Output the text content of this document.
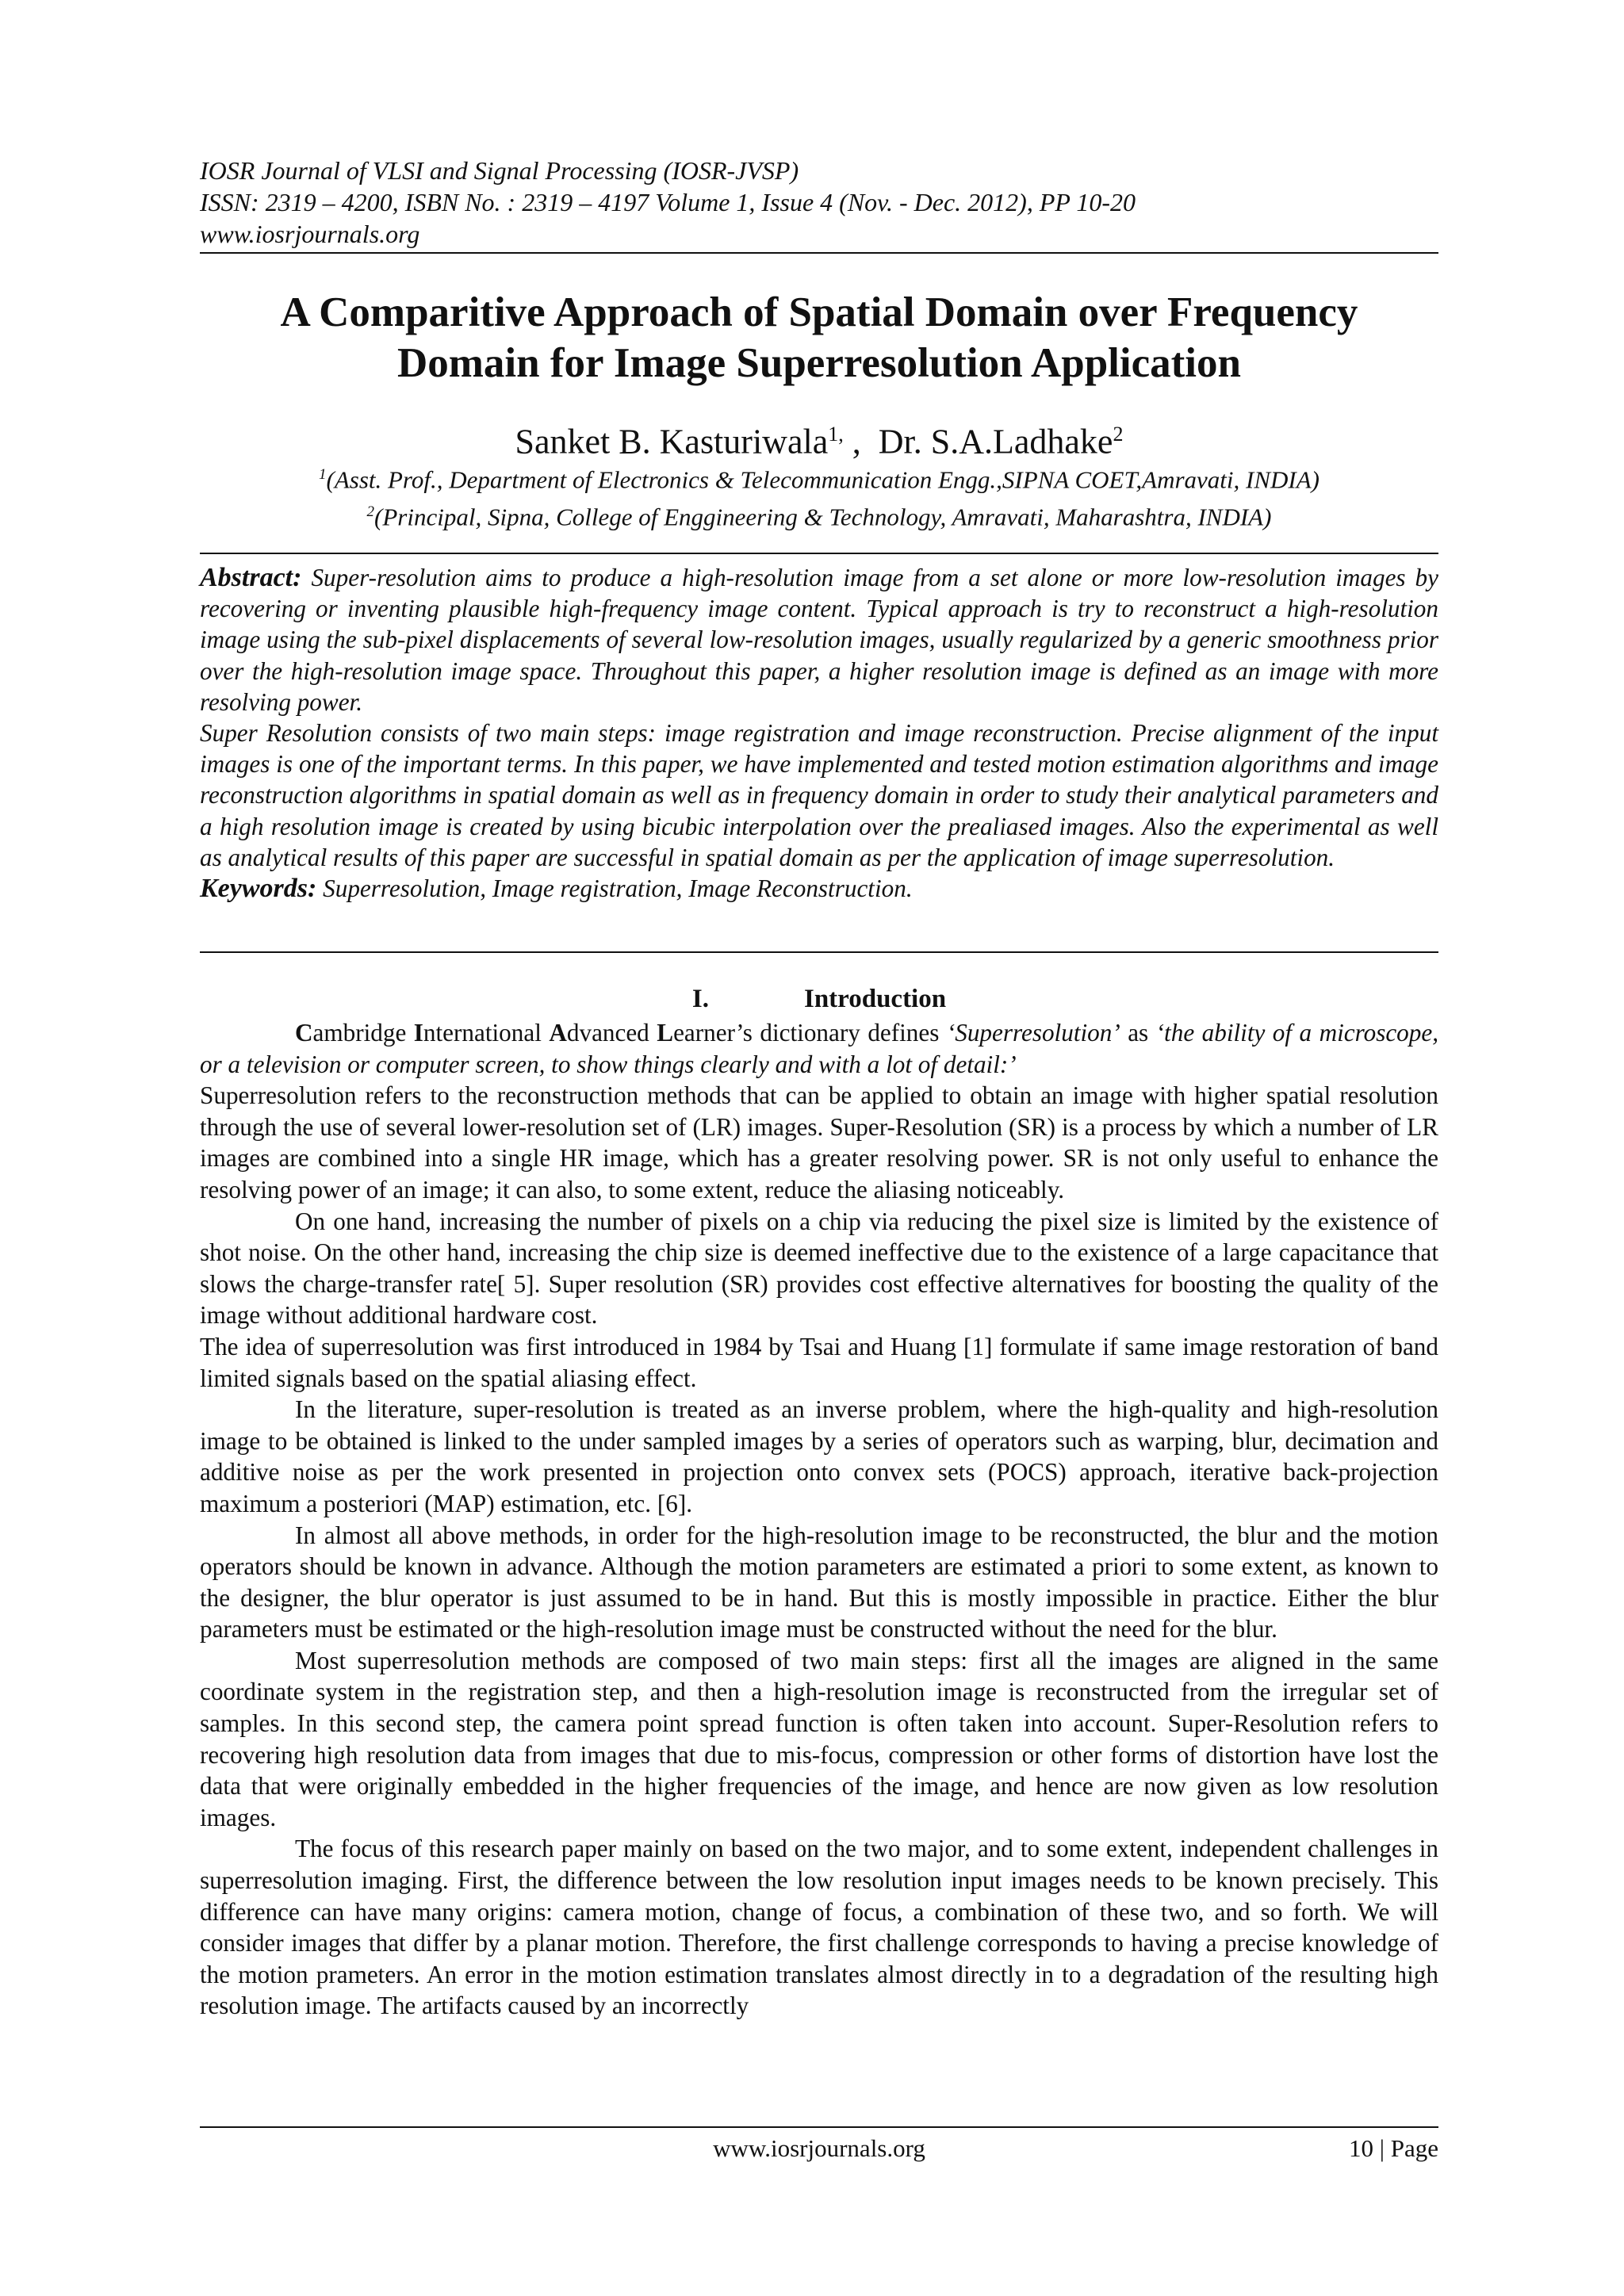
IOSR Journal of VLSI and Signal Processing (IOSR-JVSP)
ISSN: 2319 – 4200, ISBN No. : 2319 – 4197 Volume 1, Issue 4 (Nov. - Dec. 2012), PP 10-20
www.iosrjournals.org
A Comparitive Approach of Spatial Domain over Frequency
Domain for Image Superresolution Application
Sanket B. Kasturiwala$^{1,}$ ,  Dr. S.A.Ladhake$^2$
$^1$(Asst. Prof., Department of Electronics & Telecommunication Engg.,SIPNA COET,Amravati, INDIA)
$^2$(Principal, Sipna, College of Enggineering & Technology, Amravati, Maharashtra, INDIA)

Abstract: Super-resolution aims to produce a high-resolution image from a set alone or more low-resolution images by recovering or inventing plausible high-frequency image content. Typical approach is try to reconstruct a high-resolution image using the sub-pixel displacements of several low-resolution images, usually regularized by a generic smoothness prior over the high-resolution image space. Throughout this paper, a higher resolution image is defined as an image with more resolving power.

Super Resolution consists of two main steps: image registration and image reconstruction. Precise alignment of the input images is one of the important terms. In this paper, we have implemented and tested motion estimation algorithms and image reconstruction algorithms in spatial domain as well as in frequency domain in order to study their analytical parameters and a high resolution image is created by using bicubic interpolation over the prealiased images. Also the experimental as well as analytical results of this paper are successful in spatial domain as per the application of image superresolution.

Keywords: Superresolution, Image registration, Image Reconstruction.

I.	Introduction

Cambridge International Advanced Learner’s dictionary defines ‘Superresolution’ as ‘the ability of a microscope, or a television or computer screen, to show things clearly and with a lot of detail:’

Superresolution refers to the reconstruction methods that can be applied to obtain an image with higher spatial resolution through the use of several lower-resolution set of (LR) images. Super-Resolution (SR) is a process by which a number of LR images are combined into a single HR image, which has a greater resolving power. SR is not only useful to enhance the resolving power of an image; it can also, to some extent, reduce the aliasing noticeably.

On one hand, increasing the number of pixels on a chip via reducing the pixel size is limited by the existence of shot noise. On the other hand, increasing the chip size is deemed ineffective due to the existence of a large capacitance that slows the charge-transfer rate[ 5]. Super resolution (SR) provides cost effective alternatives for boosting the quality of the image without additional hardware cost.

The idea of superresolution was first introduced in 1984 by Tsai and Huang [1] formulate if same image restoration of band limited signals based on the spatial aliasing effect.

In the literature, super-resolution is treated as an inverse problem, where the high-quality and high-resolution image to be obtained is linked to the under sampled images by a series of operators such as warping, blur, decimation and additive noise as per the work presented in projection onto convex sets (POCS) approach, iterative back-projection maximum a posteriori (MAP) estimation, etc. [6].

In almost all above methods, in order for the high-resolution image to be reconstructed, the blur and the motion operators should be known in advance. Although the motion parameters are estimated a priori to some extent, as known to the designer, the blur operator is just assumed to be in hand. But this is mostly impossible in practice. Either the blur parameters must be estimated or the high-resolution image must be constructed without the need for the blur.

Most superresolution methods are composed of two main steps: first all the images are aligned in the same coordinate system in the registration step, and then a high-resolution image is reconstructed from the irregular set of samples. In this second step, the camera point spread function is often taken into account. Super-Resolution refers to recovering high resolution data from images that due to mis-focus, compression or other forms of distortion have lost the data that were originally embedded in the higher frequencies of the image, and hence are now given as low resolution images.

The focus of this research paper mainly on based on the two major, and to some extent, independent challenges in superresolution imaging. First, the difference between the low resolution input images needs to be known precisely. This difference can have many origins: camera motion, change of focus, a combination of these two, and so forth. We will consider images that differ by a planar motion. Therefore, the first challenge corresponds to having a precise knowledge of the motion prameters. An error in the motion estimation translates almost directly in to a degradation of the resulting high resolution image. The artifacts caused by an incorrectly

www.iosrjournals.org	10 | Page
